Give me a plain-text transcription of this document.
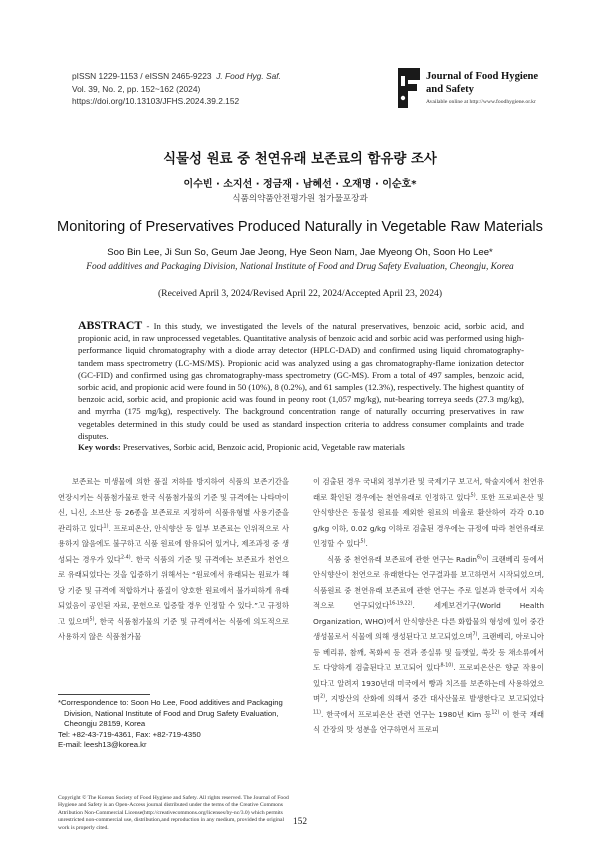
pISSN 1229-1153 / eISSN 2465-9223 J. Food Hyg. Saf.
Vol. 39, No. 2, pp. 152~162 (2024)
https://doi.org/10.13103/JFHS.2024.39.2.152
Journal of Food Hygiene
and Safety
Available online at http://www.foodhygiene.or.kr
식물성 원료 중 천연유래 보존료의 함유량 조사
이수빈 · 소지선 · 정금재 · 남혜선 · 오재명 · 이순호*
식품의약품안전평가원 첨가물포장과
Monitoring of Preservatives Produced Naturally in Vegetable Raw Materials
Soo Bin Lee, Ji Sun So, Geum Jae Jeong, Hye Seon Nam, Jae Myeong Oh, Soon Ho Lee*
Food additives and Packaging Division, National Institute of Food and Drug Safety Evaluation, Cheongju, Korea
(Received April 3, 2024/Revised April 22, 2024/Accepted April 23, 2024)
ABSTRACT - In this study, we investigated the levels of the natural preservatives, benzoic acid, sorbic acid, and propionic acid, in raw unprocessed vegetables. Quantitative analysis of benzoic acid and sorbic acid was performed using high-performance liquid chromatography with a diode array detector (HPLC-DAD) and confirmed using liquid chromatography-tandem mass spectrometry (LC-MS/MS). Propionic acid was analyzed using a gas chromatography-flame ionization detector (GC-FID) and confirmed using gas chromatography-mass spectrometry (GC-MS). From a total of 497 samples, benzoic acid, sorbic acid, and propionic acid were found in 50 (10%), 8 (0.2%), and 61 samples (12.3%), respectively. The highest quantity of benzoic acid, sorbic acid, and propionic acid was found in peony root (1,057 mg/kg), nut-bearing torreya seeds (27.3 mg/kg), and myrrha (175 mg/kg), respectively. The background concentration range of naturally occurring preservatives in raw vegetables determined in this study could be used as standard inspection criteria to address consumer complaints and trade disputes.
Key words: Preservatives, Sorbic acid, Benzoic acid, Propionic acid, Vegetable raw materials

보존료는 미생물에 의한 품질 저하를 방지하여 식품의 보존기간을 연장시키는 식품첨가물로 한국 식품첨가물의 기준 및 규격에는 나타마이신, 니신, 소브산 등 26종을 보존료로 지정하여 식품유형별 사용기준을 관리하고 있다$^{1)}$. 프로피온산, 안식향산 등 일부 보존료는 인위적으로 사용하지 않음에도 불구하고 식품 원료에 함유되어 있거나, 제조과정 중 생성되는 경우가 있다$^{2-4)}$. 한국 식품의 기준 및 규격에는 보존료가 천연으로 유래되었다는 것을 입증하기 위해서는 “원료에서 유래되는 원료가 해당 기준 및 규격에 적합하거나 품질이 양호한 원료에서 불가피하게 유래되었음이 공인된 자료, 문헌으로 입증할 경우 인정할 수 있다.”고 규정하고 있으며$^{5)}$, 한국 식품첨가물의 기준 및 규격에서는 식품에 의도적으로 사용하지 않은 식품첨가물

*Correspondence to: Soon Ho Lee, Food additives and Packaging
Division, National Institute of Food and Drug Safety Evaluation,
Cheongju 28159, Korea
Tel: +82-43-719-4361, Fax: +82-719-4350
E-mail: leesh13@korea.kr
Copyright © The Korean Society of Food Hygiene and Safety. All rights reserved. The Journal of Food Hygiene and Safety is an Open-Access journal distributed under the terms of the Creative Commons Attribution Non-Commercial License(http://creativecommons.org/licenses/by-nc/3.0) which permits unrestricted non-commercial use, distribution,and reproduction in any medium, provided the original work is properly cited.

이 검출된 경우 국내외 정부기관 및 국제기구 보고서, 학술지에서 천연유래로 확인된 경우에는 천연유래로 인정하고 있다$^{5)}$. 또한 프로피온산 및 안식향산은 동물성 원료를 제외한 원료의 비율로 환산하여 각각 0.10 g/kg 이하, 0.02 g/kg 이하로 검출된 경우에는 규정에 따라 천연유래로 인정할 수 있다$^{5)}$.

식품 중 천연유래 보존료에 관한 연구는 Radin$^{6)}$이 크랜베리 등에서 안식향산이 천연으로 유래한다는 연구결과를 보고하면서 시작되었으며, 식품원료 중 천연유래 보존료에 관한 연구는 주로 일본과 한국에서 지속적으로 연구되었다$^{16-19,22)}$. 세계보건기구(World Health Organization, WHO)에서 안식향산은 다른 화합물의 형성에 있어 중간 생성물로서 식물에 의해 생성된다고 보고되었으며$^{7)}$, 크랜베리, 아로니아 등 베리류, 참깨, 목화씨 등 견과 종실류 및 들깻잎, 쑥갓 등 채소류에서도 다양하게 검출된다고 보고되어 있다$^{8-10)}$. 프로피온산은 향균 작용이 있다고 알려져 1930년대 미국에서 빵과 치즈를 보존하는데 사용하였으며$^{2)}$, 지방산의 산화에 의해서 중간 대사산물로 발생한다고 보고되었다$^{11)}$. 한국에서 프로피온산 관련 연구는 1980년 Kim 등$^{12)}$ 이 한국 재래식 간장의 맛 성분을 연구하면서 프로피

152
